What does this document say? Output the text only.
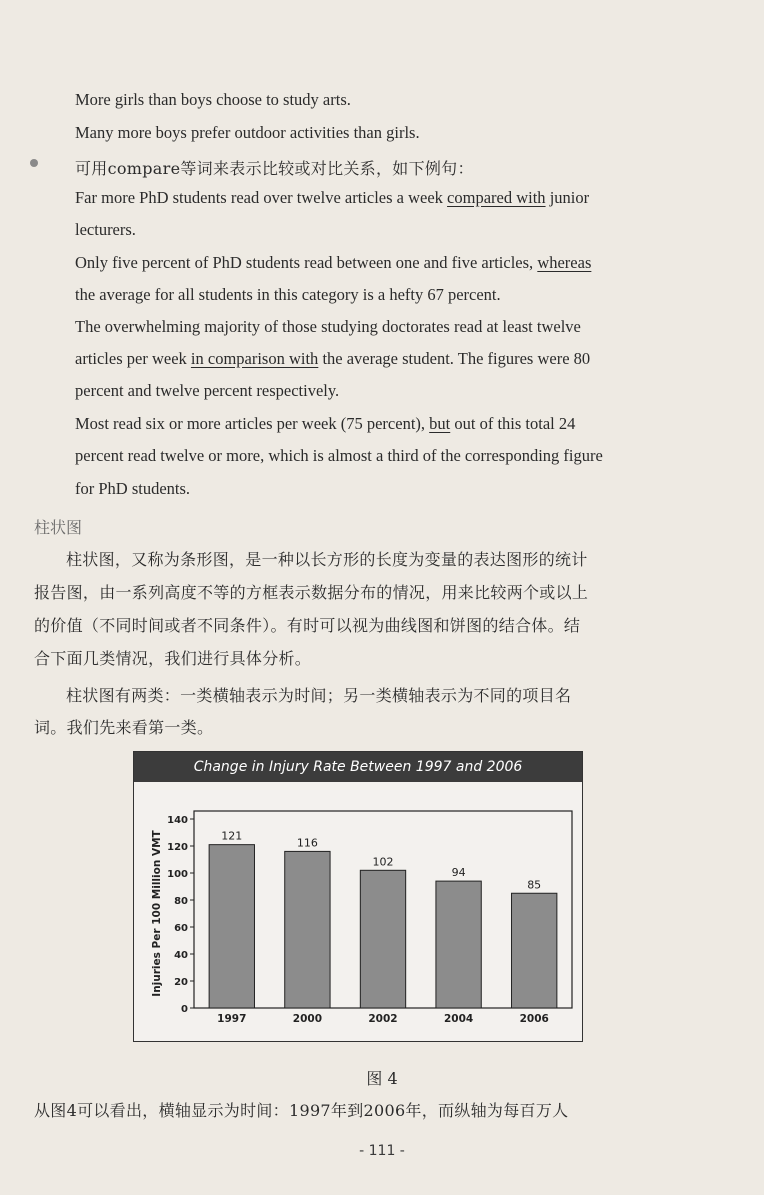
More girls than boys choose to study arts.
Many more boys prefer outdoor activities than girls.
可用compare等词来表示比较或对比关系，如下例句：
Far more PhD students read over twelve articles a week compared with junior
lecturers.
Only five percent of PhD students read between one and five articles, whereas
the average for all students in this category is a hefty 67 percent.
The overwhelming majority of those studying doctorates read at least twelve
articles per week in comparison with the average student. The figures were 80
percent and twelve percent respectively.
Most read six or more articles per week (75 percent), but out of this total 24
percent read twelve or more, which is almost a third of the corresponding figure
for PhD students.
柱状图
柱状图，又称为条形图，是一种以长方形的长度为变量的表达图形的统计
报告图，由一系列高度不等的方框表示数据分布的情况，用来比较两个或以上
的价值（不同时间或者不同条件）。有时可以视为曲线图和饼图的结合体。结
合下面几类情况，我们进行具体分析。
柱状图有两类：一类横轴表示为时间；另一类横轴表示为不同的项目名
词。我们先来看第一类。
Change in Injury Rate Between 1997 and 2006
0
20
40
60
80
100
120
140
Injuries Per 100 Million VMT	121
1997
116
2000
102
2002
94
2004
85
2006
图 4
从图4可以看出，横轴显示为时间：1997年到2006年，而纵轴为每百万人
- 111 -
